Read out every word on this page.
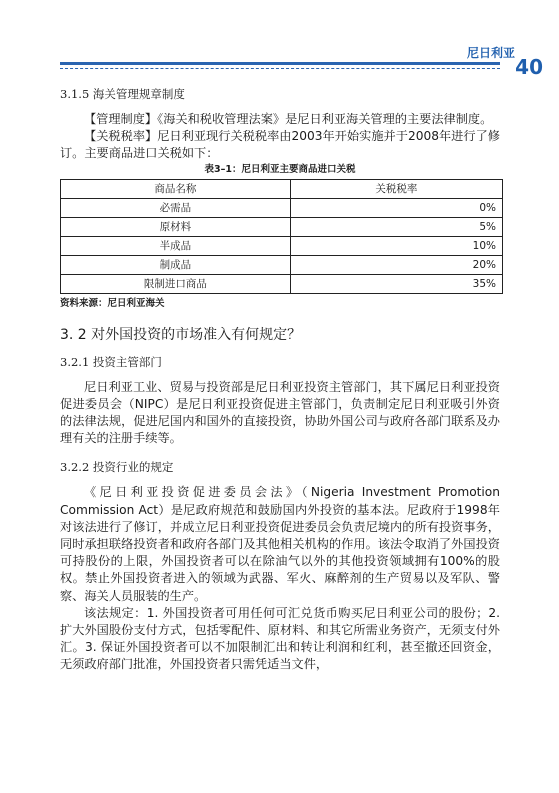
尼日利亚
40
3.1.5 海关管理规章制度

【管理制度】《海关和税收管理法案》是尼日利亚海关管理的主要法律制度。

【关税税率】尼日利亚现行关税税率由2003年开始实施并于2008年进行了修订。主要商品进口关税如下：

表3–1：尼日利亚主要商品进口关税
商品名称	关税税率
必需品	0%
原材料	5%
半成品	10%
制成品	20%
限制进口商品	35%
资料来源：尼日利亚海关
3. 2 对外国投资的市场准入有何规定？
3.2.1 投资主管部门

尼日利亚工业、贸易与投资部是尼日利亚投资主管部门，其下属尼日利亚投资促进委员会（NIPC）是尼日利亚投资促进主管部门，负责制定尼日利亚吸引外资的法律法规，促进尼国内和国外的直接投资，协助外国公司与政府各部门联系及办理有关的注册手续等。

3.2.2 投资行业的规定

《尼日利亚投资促进委员会法》（Nigeria Investment Promotion Commission Act）是尼政府规范和鼓励国内外投资的基本法。尼政府于1998年对该法进行了修订，并成立尼日利亚投资促进委员会负责尼境内的所有投资事务，同时承担联络投资者和政府各部门及其他相关机构的作用。该法令取消了外国投资可持股份的上限，外国投资者可以在除油气以外的其他投资领域拥有100%的股权。禁止外国投资者进入的领域为武器、军火、麻醉剂的生产贸易以及军队、警察、海关人员服装的生产。

该法规定：1. 外国投资者可用任何可汇兑货币购买尼日利亚公司的股份；2. 扩大外国股份支付方式，包括零配件、原材料、和其它所需业务资产，无须支付外汇。3. 保证外国投资者可以不加限制汇出和转让利润和红利，甚至撤还回资金，无须政府部门批准，外国投资者只需凭适当文件，
